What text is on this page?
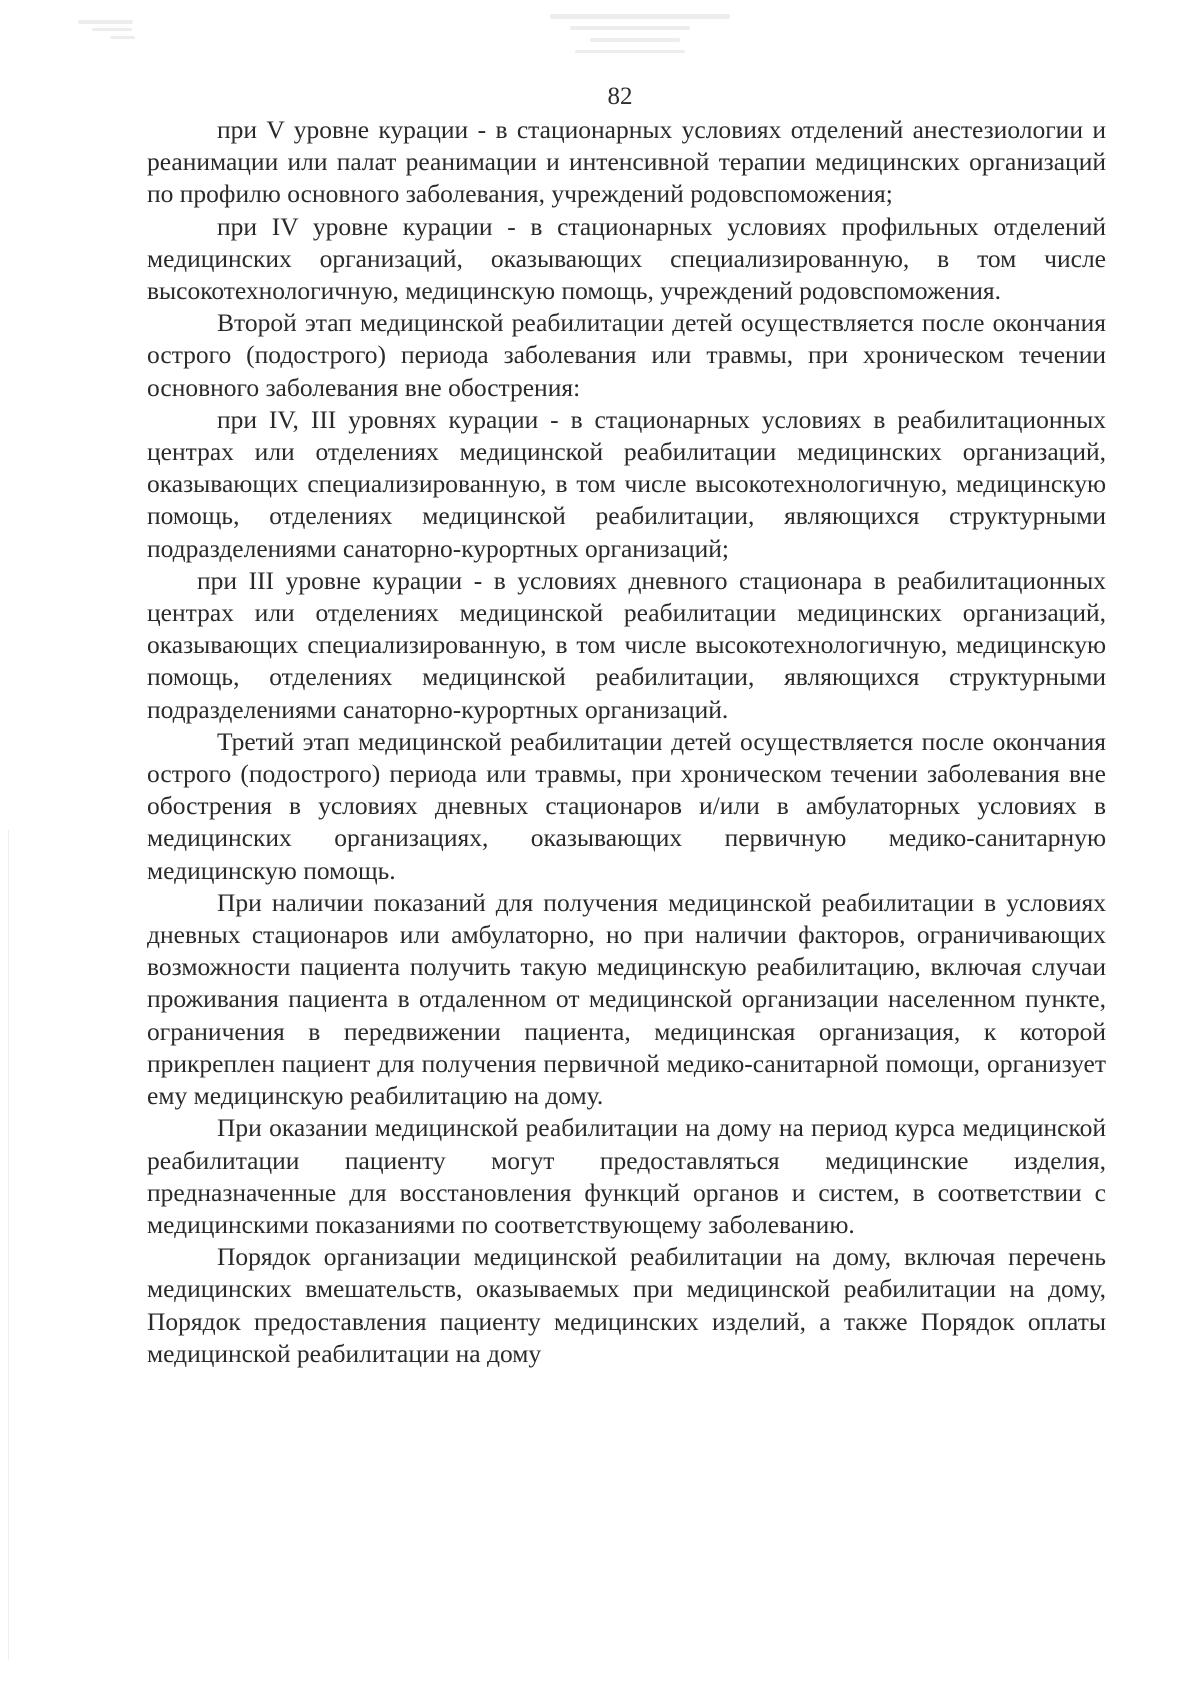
82

при V уровне курации - в стационарных условиях отделений анестезиологии и реанимации или палат реанимации и интенсивной терапии медицинских организаций по профилю основного заболевания, учреждений родовспоможения;

при IV уровне курации - в стационарных условиях профильных отделений медицинских организаций, оказывающих специализированную, в том числе высокотехнологичную, медицинскую помощь, учреждений родовспоможения.

Второй этап медицинской реабилитации детей осуществляется после окончания острого (подострого) периода заболевания или травмы, при хроническом течении основного заболевания вне обострения:

при IV, III уровнях курации - в стационарных условиях в реабилитационных центрах или отделениях медицинской реабилитации медицинских организаций, оказывающих специализированную, в том числе высокотехнологичную, медицинскую помощь, отделениях медицинской реабилитации, являющихся структурными подразделениями санаторно-курортных организаций;

при III уровне курации - в условиях дневного стационара в реабилитационных центрах или отделениях медицинской реабилитации медицинских организаций, оказывающих специализированную, в том числе высокотехнологичную, медицинскую помощь, отделениях медицинской реабилитации, являющихся структурными подразделениями санаторно-курортных организаций.

Третий этап медицинской реабилитации детей осуществляется после окончания острого (подострого) периода или травмы, при хроническом течении заболевания вне обострения в условиях дневных стационаров и/или в амбулаторных условиях в медицинских организациях, оказывающих первичную медико-санитарную медицинскую помощь.

При наличии показаний для получения медицинской реабилитации в условиях дневных стационаров или амбулаторно, но при наличии факторов, ограничивающих возможности пациента получить такую медицинскую реабилитацию, включая случаи проживания пациента в отдаленном от медицинской организации населенном пункте, ограничения в передвижении пациента, медицинская организация, к которой прикреплен пациент для получения первичной медико-санитарной помощи, организует ему медицинскую реабилитацию на дому.

При оказании медицинской реабилитации на дому на период курса медицинской реабилитации пациенту могут предоставляться медицинские изделия, предназначенные для восстановления функций органов и систем, в соответствии с медицинскими показаниями по соответствующему заболеванию.

Порядок организации медицинской реабилитации на дому, включая перечень медицинских вмешательств, оказываемых при медицинской реабилитации на дому, Порядок предоставления пациенту медицинских изделий, а также Порядок оплаты медицинской реабилитации на дому
